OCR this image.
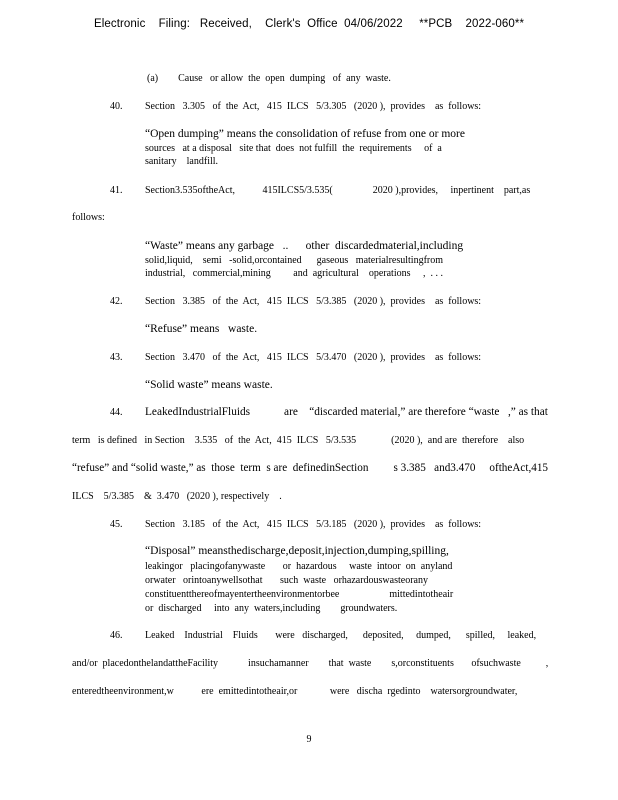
Electronic    Filing:   Received,    Clerk's  Office  04/06/2022     **PCB    2022-060**
(a)        Cause   or allow  the  open  dumping   of  any  waste.
40. Section   3.305   of  the  Act,   415  ILCS   5/3.305   (2020 ),  provides    as  follows:
“Open dumping” means the consolidation of refuse from one or more
sources   at a disposal   site that  does  not fulfill  the  requirements     of  a
sanitary    landfill.
41. Section3.535oftheAct,           415ILCS5/3.535(                2020 ),provides,     inpertinent    part,as
follows:
“Waste” means any garbage   ..      other  discardedmaterial,including
solid,liquid,    semi   -solid,orcontained      gaseous   materialresultingfrom
industrial,   commercial,mining         and  agricultural    operations     ,  . . .
42. Section   3.385   of  the  Act,   415  ILCS   5/3.385   (2020 ),  provides    as  follows:
“Refuse” means   waste.
43. Section   3.470   of  the  Act,   415  ILCS   5/3.470   (2020 ),  provides    as  follows:
“Solid waste” means waste.
44. LeakedIndustrialFluids            are    “discarded material,” are therefore “waste   ,” as that
term   is defined   in Section    3.535   of  the  Act,  415  ILCS   5/3.535              (2020 ),  and are  therefore    also
“refuse” and “solid waste,” as  those  term  s are  definedinSection         s 3.385   and3.470     oftheAct,415
ILCS    5/3.385    &  3.470   (2020 ), respectively    .
45. Section   3.185   of  the  Act,   415  ILCS   5/3.185   (2020 ),  provides    as  follows:
“Disposal” meansthedischarge,deposit,injection,dumping,spilling,
leakingor   placingofanywaste       or  hazardous     waste  intoor  on  anyland
orwater   orintoanywellsothat       such  waste   orhazardouswasteorany
constituentthereofmayentertheenvironmentorbee                    mittedintotheair
or  discharged     into  any  waters,including        groundwaters.
46. Leaked    Industrial    Fluids       were   discharged,      deposited,     dumped,      spilled,     leaked,
and/or  placedonthelandattheFacility            insuchamanner        that  waste        s,orconstituents       ofsuchwaste          ,
enteredtheenvironment,w           ere  emittedintotheair,or             were   discha  rgedinto    watersorgroundwater,
9
